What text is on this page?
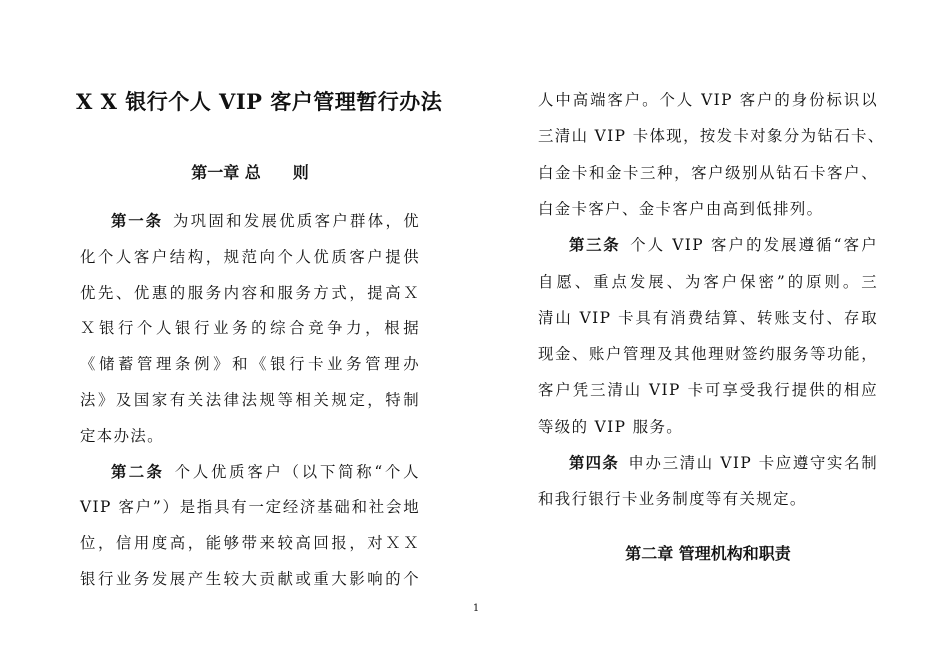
X X 银行个人 VIP 客户管理暂行办法
第一章 总　　则
第一条 为巩固和发展优质客户群体，优
化个人客户结构，规范向个人优质客户提供
优先、优惠的服务内容和服务方式，提高Ｘ
Ｘ银行个人银行业务的综合竞争力，根据
《储蓄管理条例》和《银行卡业务管理办
法》及国家有关法律法规等相关规定，特制
定本办法。
第二条 个人优质客户（以下简称“个人
VIP 客户”）是指具有一定经济基础和社会地
位，信用度高，能够带来较高回报，对ＸＸ
银行业务发展产生较大贡献或重大影响的个
人中高端客户。个人 VIP 客户的身份标识以
三清山 VIP 卡体现，按发卡对象分为钻石卡、
白金卡和金卡三种，客户级别从钻石卡客户、
白金卡客户、金卡客户由高到低排列。
第三条 个人 VIP 客户的发展遵循“客户
自愿、重点发展、为客户保密”的原则。三
清山 VIP 卡具有消费结算、转账支付、存取
现金、账户管理及其他理财签约服务等功能，
客户凭三清山 VIP 卡可享受我行提供的相应
等级的 VIP 服务。
第四条 申办三清山 VIP 卡应遵守实名制
和我行银行卡业务制度等有关规定。
第二章 管理机构和职责
1
